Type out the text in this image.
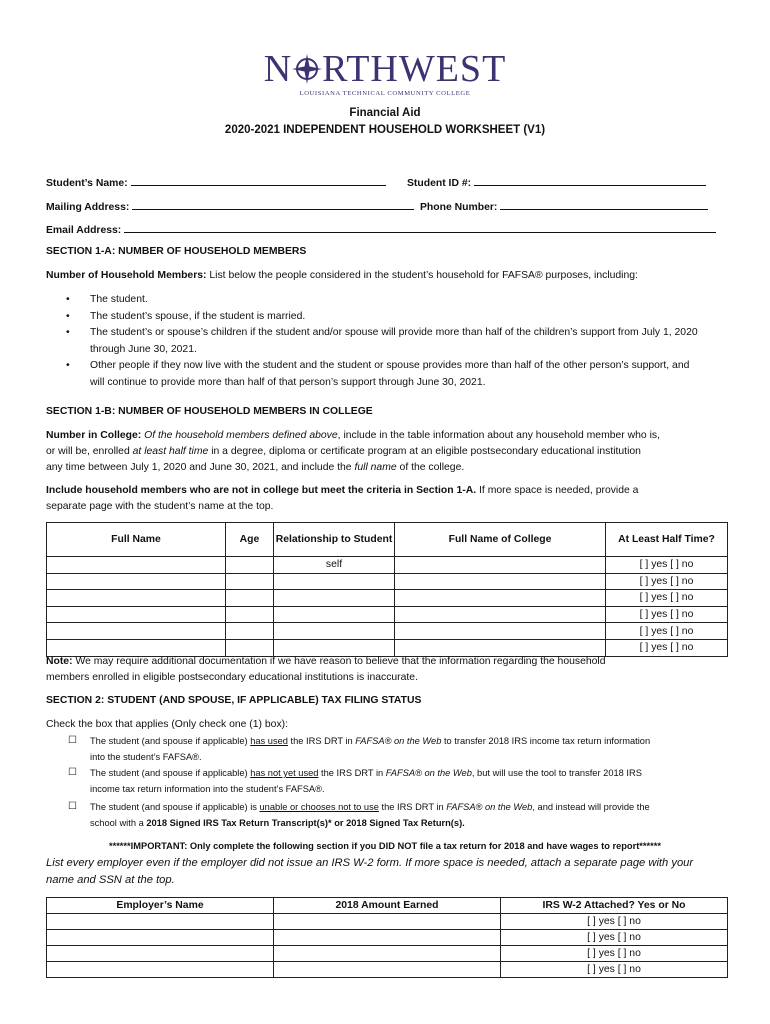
N RTHWEST
LOUISIANA TECHNICAL COMMUNITY COLLEGE
Financial Aid
2020-2021 INDEPENDENT HOUSEHOLD WORKSHEET (V1)
Student’s Name:	Student ID #:
Mailing Address:	Phone Number:
Email Address:
SECTION 1-A: NUMBER OF HOUSEHOLD MEMBERS
Number of Household Members: List below the people considered in the student’s household for FAFSA® purposes, including:
• The student.
• The student’s spouse, if the student is married.
• The student’s or spouse’s children if the student and/or spouse will provide more than half of the children’s support from July 1, 2020 through June 30, 2021.
• Other people if they now live with the student and the student or spouse provides more than half of the other person’s support, and will continue to provide more than half of that person’s support through June 30, 2021.
SECTION 1-B: NUMBER OF HOUSEHOLD MEMBERS IN COLLEGE
Number in College: Of the household members defined above, include in the table information about any household member who is,
or will be, enrolled at least half time in a degree, diploma or certificate program at an eligible postsecondary educational institution
any time between July 1, 2020 and June 30, 2021, and include the full name of the college.
Include household members who are not in college but meet the criteria in Section 1-A. If more space is needed, provide a
separate page with the student’s name at the top.
Full Name	Age	Relationship to Student	Full Name of College	At Least Half Time?
		self		[ ] yes [ ] no
				[ ] yes [ ] no
				[ ] yes [ ] no
				[ ] yes [ ] no
				[ ] yes [ ] no
				[ ] yes [ ] no
Note: We may require additional documentation if we have reason to believe that the information regarding the household
members enrolled in eligible postsecondary educational institutions is inaccurate.
SECTION 2: STUDENT (AND SPOUSE, IF APPLICABLE) TAX FILING STATUS
Check the box that applies (Only check one (1) box):
☐ The student (and spouse if applicable) has used the IRS DRT in FAFSA® on the Web to transfer 2018 IRS income tax return information
into the student’s FAFSA®.
☐ The student (and spouse if applicable) has not yet used the IRS DRT in FAFSA® on the Web, but will use the tool to transfer 2018 IRS
income tax return information into the student’s FAFSA®.
☐ The student (and spouse if applicable) is unable or chooses not to use the IRS DRT in FAFSA® on the Web, and instead will provide the
school with a 2018 Signed IRS Tax Return Transcript(s)* or 2018 Signed Tax Return(s).
******IMPORTANT: Only complete the following section if you DID NOT file a tax return for 2018 and have wages to report******
List every employer even if the employer did not issue an IRS W-2 form. If more space is needed, attach a separate page with your
name and SSN at the top.
Employer’s Name	2018 Amount Earned	IRS W-2 Attached? Yes or No
		[ ] yes [ ] no
		[ ] yes [ ] no
		[ ] yes [ ] no
		[ ] yes [ ] no
